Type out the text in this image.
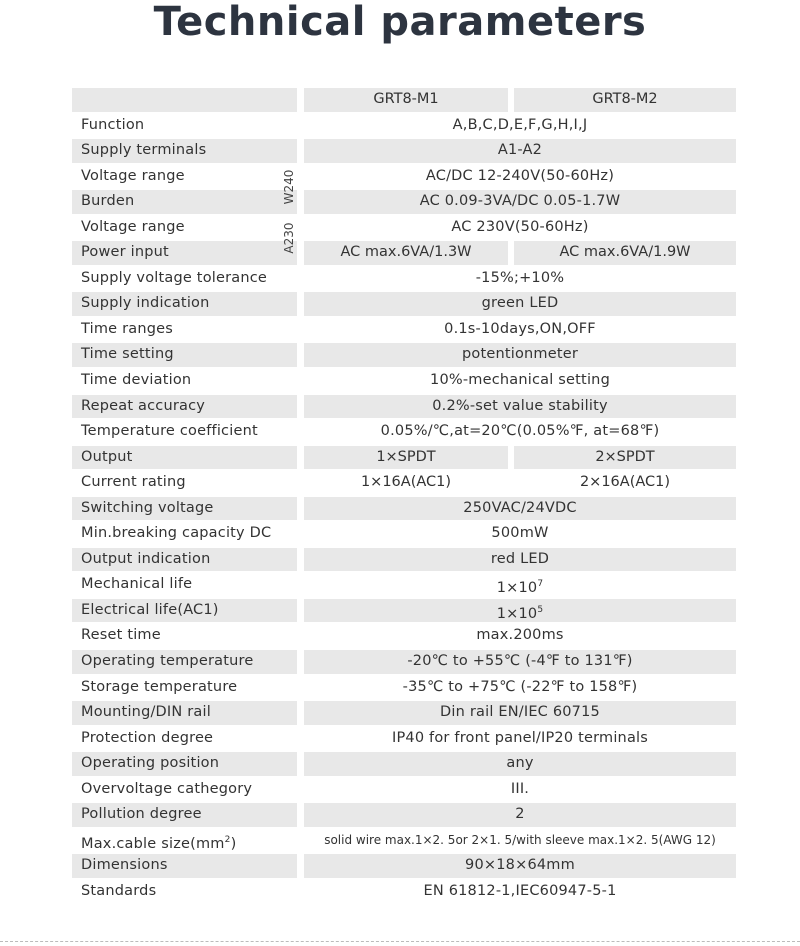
Technical parameters
GRT8-M1	GRT8-M2
Function	A,B,C,D,E,F,G,H,I,J
Supply terminals	A1-A2
Voltage range	AC/DC 12-240V(50-60Hz)
Burden	AC 0.09-3VA/DC 0.05-1.7W
Voltage range	AC 230V(50-60Hz)
Power input	AC max.6VA/1.3W	AC max.6VA/1.9W
Supply voltage tolerance	-15%;+10%
Supply indication	green LED
Time ranges	0.1s-10days,ON,OFF
Time setting	potentionmeter
Time deviation	10%-mechanical setting
Repeat accuracy	0.2%-set value stability
Temperature coefficient	0.05%/℃,at=20℃(0.05%℉, at=68℉)
Output	1×SPDT	2×SPDT
Current rating	1×16A(AC1)	2×16A(AC1)
Switching voltage	250VAC/24VDC
Min.breaking capacity DC	500mW
Output indication	red LED
Mechanical life	$1\times 10^7$
Electrical life(AC1)	$1\times 10^5$
Reset time	max.200ms
Operating temperature	-20℃ to +55℃ (-4℉ to 131℉)
Storage temperature	-35℃ to +75℃ (-22℉ to 158℉)
Mounting/DIN rail	Din rail EN/IEC 60715
Protection degree	IP40 for front panel/IP20 terminals
Operating position	any
Overvoltage cathegory	III.
Pollution degree	2
Max.cable $size(mm^2)$	solid wire max.1×2. 5or 2×1. 5/with sleeve max.1×2. 5(AWG 12)
Dimensions	90×18×64mm
Standards	EN 61812-1,IEC60947-5-1
W240
A230
